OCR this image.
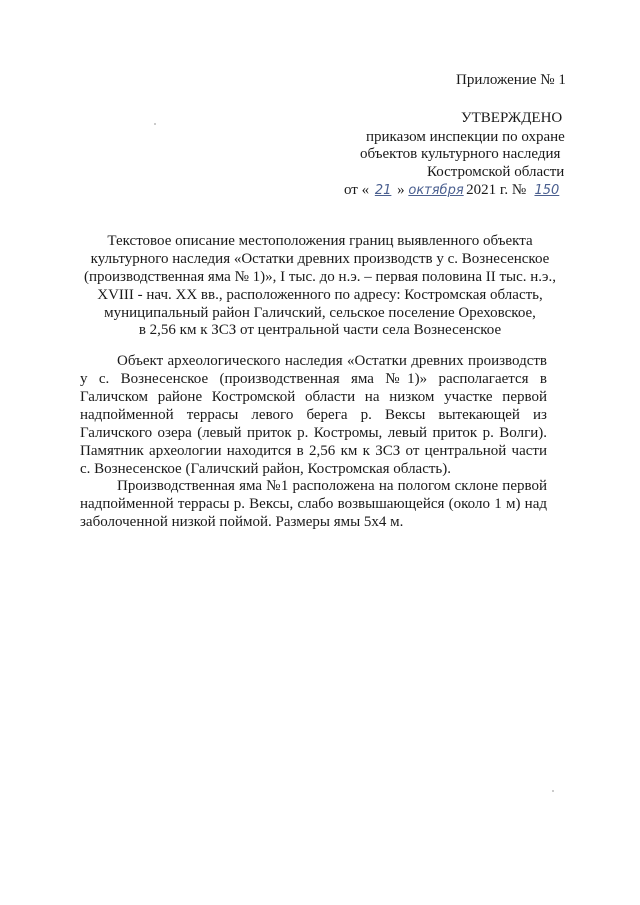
Приложение № 1
УТВЕРЖДЕНО
приказом инспекции по охране
объектов культурного наследия
Костромской области
от « 21 » октября 2021 г. № 150
Текстовое описание местоположения границ выявленного объекта
культурного наследия «Остатки древних производств у с. Вознесенское
(производственная яма № 1)», I тыс. до н.э. – первая половина II тыс. н.э.,
XVIII - нач. XX вв., расположенного по адресу: Костромская область,
муниципальный район Галичский, сельское поселение Ореховское,
в 2,56 км к ЗСЗ от центральной части села Вознесенское
Объект археологического наследия «Остатки древних производств
у с. Вознесенское (производственная яма №1)» располагается в
Галичском районе Костромской области на низком участке первой
надпойменной террасы левого берега р. Вексы вытекающей из
Галичского озера (левый приток р. Костромы, левый приток р. Волги).
Памятник археологии находится в 2,56 км к ЗСЗ от центральной части
с. Вознесенское (Галичский район, Костромская область).
Производственная яма №1 расположена на пологом склоне первой
надпойменной террасы р. Вексы, слабо возвышающейся (около 1 м) над
заболоченной низкой поймой. Размеры ямы 5х4 м.
